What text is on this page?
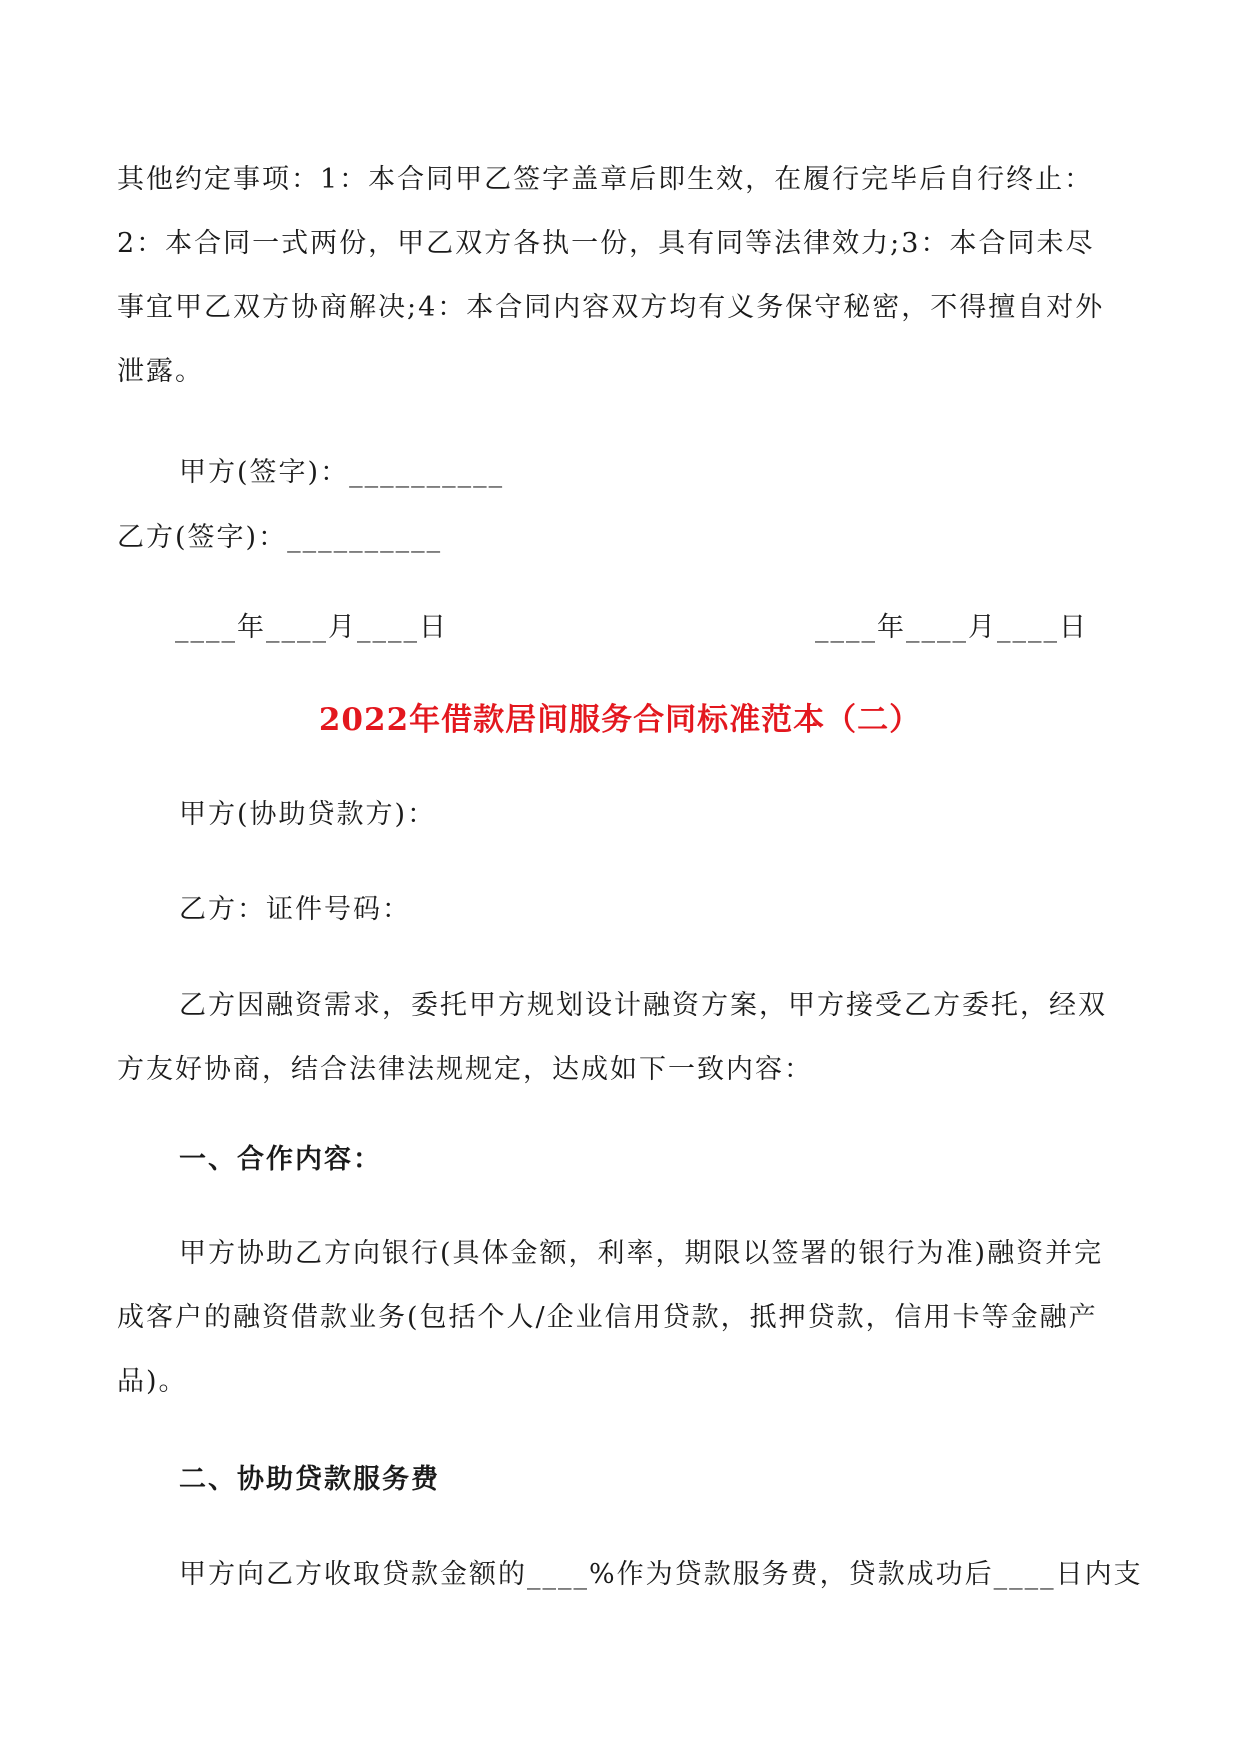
其他约定事项：1：本合同甲乙签字盖章后即生效，在履行完毕后自行终止：2：本合同一式两份，甲乙双方各执一份，具有同等法律效力;3：本合同未尽事宜甲乙双方协商解决;4：本合同内容双方均有义务保守秘密，不得擅自对外泄露。
甲方(签字)：__________
乙方(签字)：__________
____年____月____日	____年____月____日
2022年借款居间服务合同标准范本（二）
甲方(协助贷款方)：
乙方：证件号码：
乙方因融资需求，委托甲方规划设计融资方案，甲方接受乙方委托，经双方友好协商，结合法律法规规定，达成如下一致内容：
一、合作内容：
甲方协助乙方向银行(具体金额，利率，期限以签署的银行为准)融资并完成客户的融资借款业务(包括个人/企业信用贷款，抵押贷款，信用卡等金融产品)。
二、协助贷款服务费
甲方向乙方收取贷款金额的____%作为贷款服务费，贷款成功后____日内支
